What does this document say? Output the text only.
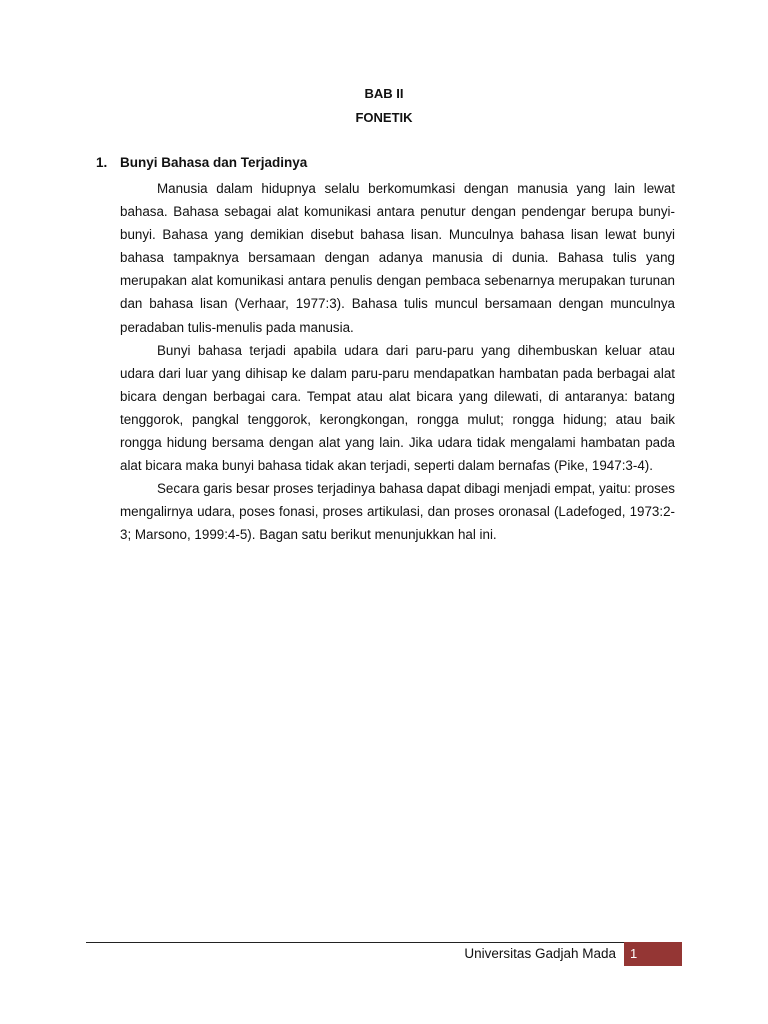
BAB II
FONETIK
1. Bunyi Bahasa dan Terjadinya

Manusia dalam hidupnya selalu berkomumkasi dengan manusia yang lain lewat bahasa. Bahasa sebagai alat komunikasi antara penutur dengan pendengar berupa bunyi-bunyi. Bahasa yang demikian disebut bahasa lisan. Munculnya bahasa lisan lewat bunyi bahasa tampaknya bersamaan dengan adanya manusia di dunia. Bahasa tulis yang merupakan alat komunikasi antara penulis dengan pembaca sebenarnya merupakan turunan dan bahasa lisan (Verhaar, 1977:3). Bahasa tulis muncul bersamaan dengan munculnya peradaban tulis-menulis pada manusia.

Bunyi bahasa terjadi apabila udara dari paru-paru yang dihembuskan keluar atau udara dari luar yang dihisap ke dalam paru-paru mendapatkan hambatan pada berbagai alat bicara dengan berbagai cara. Tempat atau alat bicara yang dilewati, di antaranya: batang tenggorok, pangkal tenggorok, kerongkongan, rongga mulut; rongga hidung; atau baik rongga hidung bersama dengan alat yang lain. Jika udara tidak mengalami hambatan pada alat bicara maka bunyi bahasa tidak akan terjadi, seperti dalam bernafas (Pike, 1947:3-4).

Secara garis besar proses terjadinya bahasa dapat dibagi menjadi empat, yaitu: proses mengalirnya udara, poses fonasi, proses artikulasi, dan proses oronasal (Ladefoged, 1973:2-3; Marsono, 1999:4-5). Bagan satu berikut menunjukkan hal ini.

Universitas Gadjah Mada 1
